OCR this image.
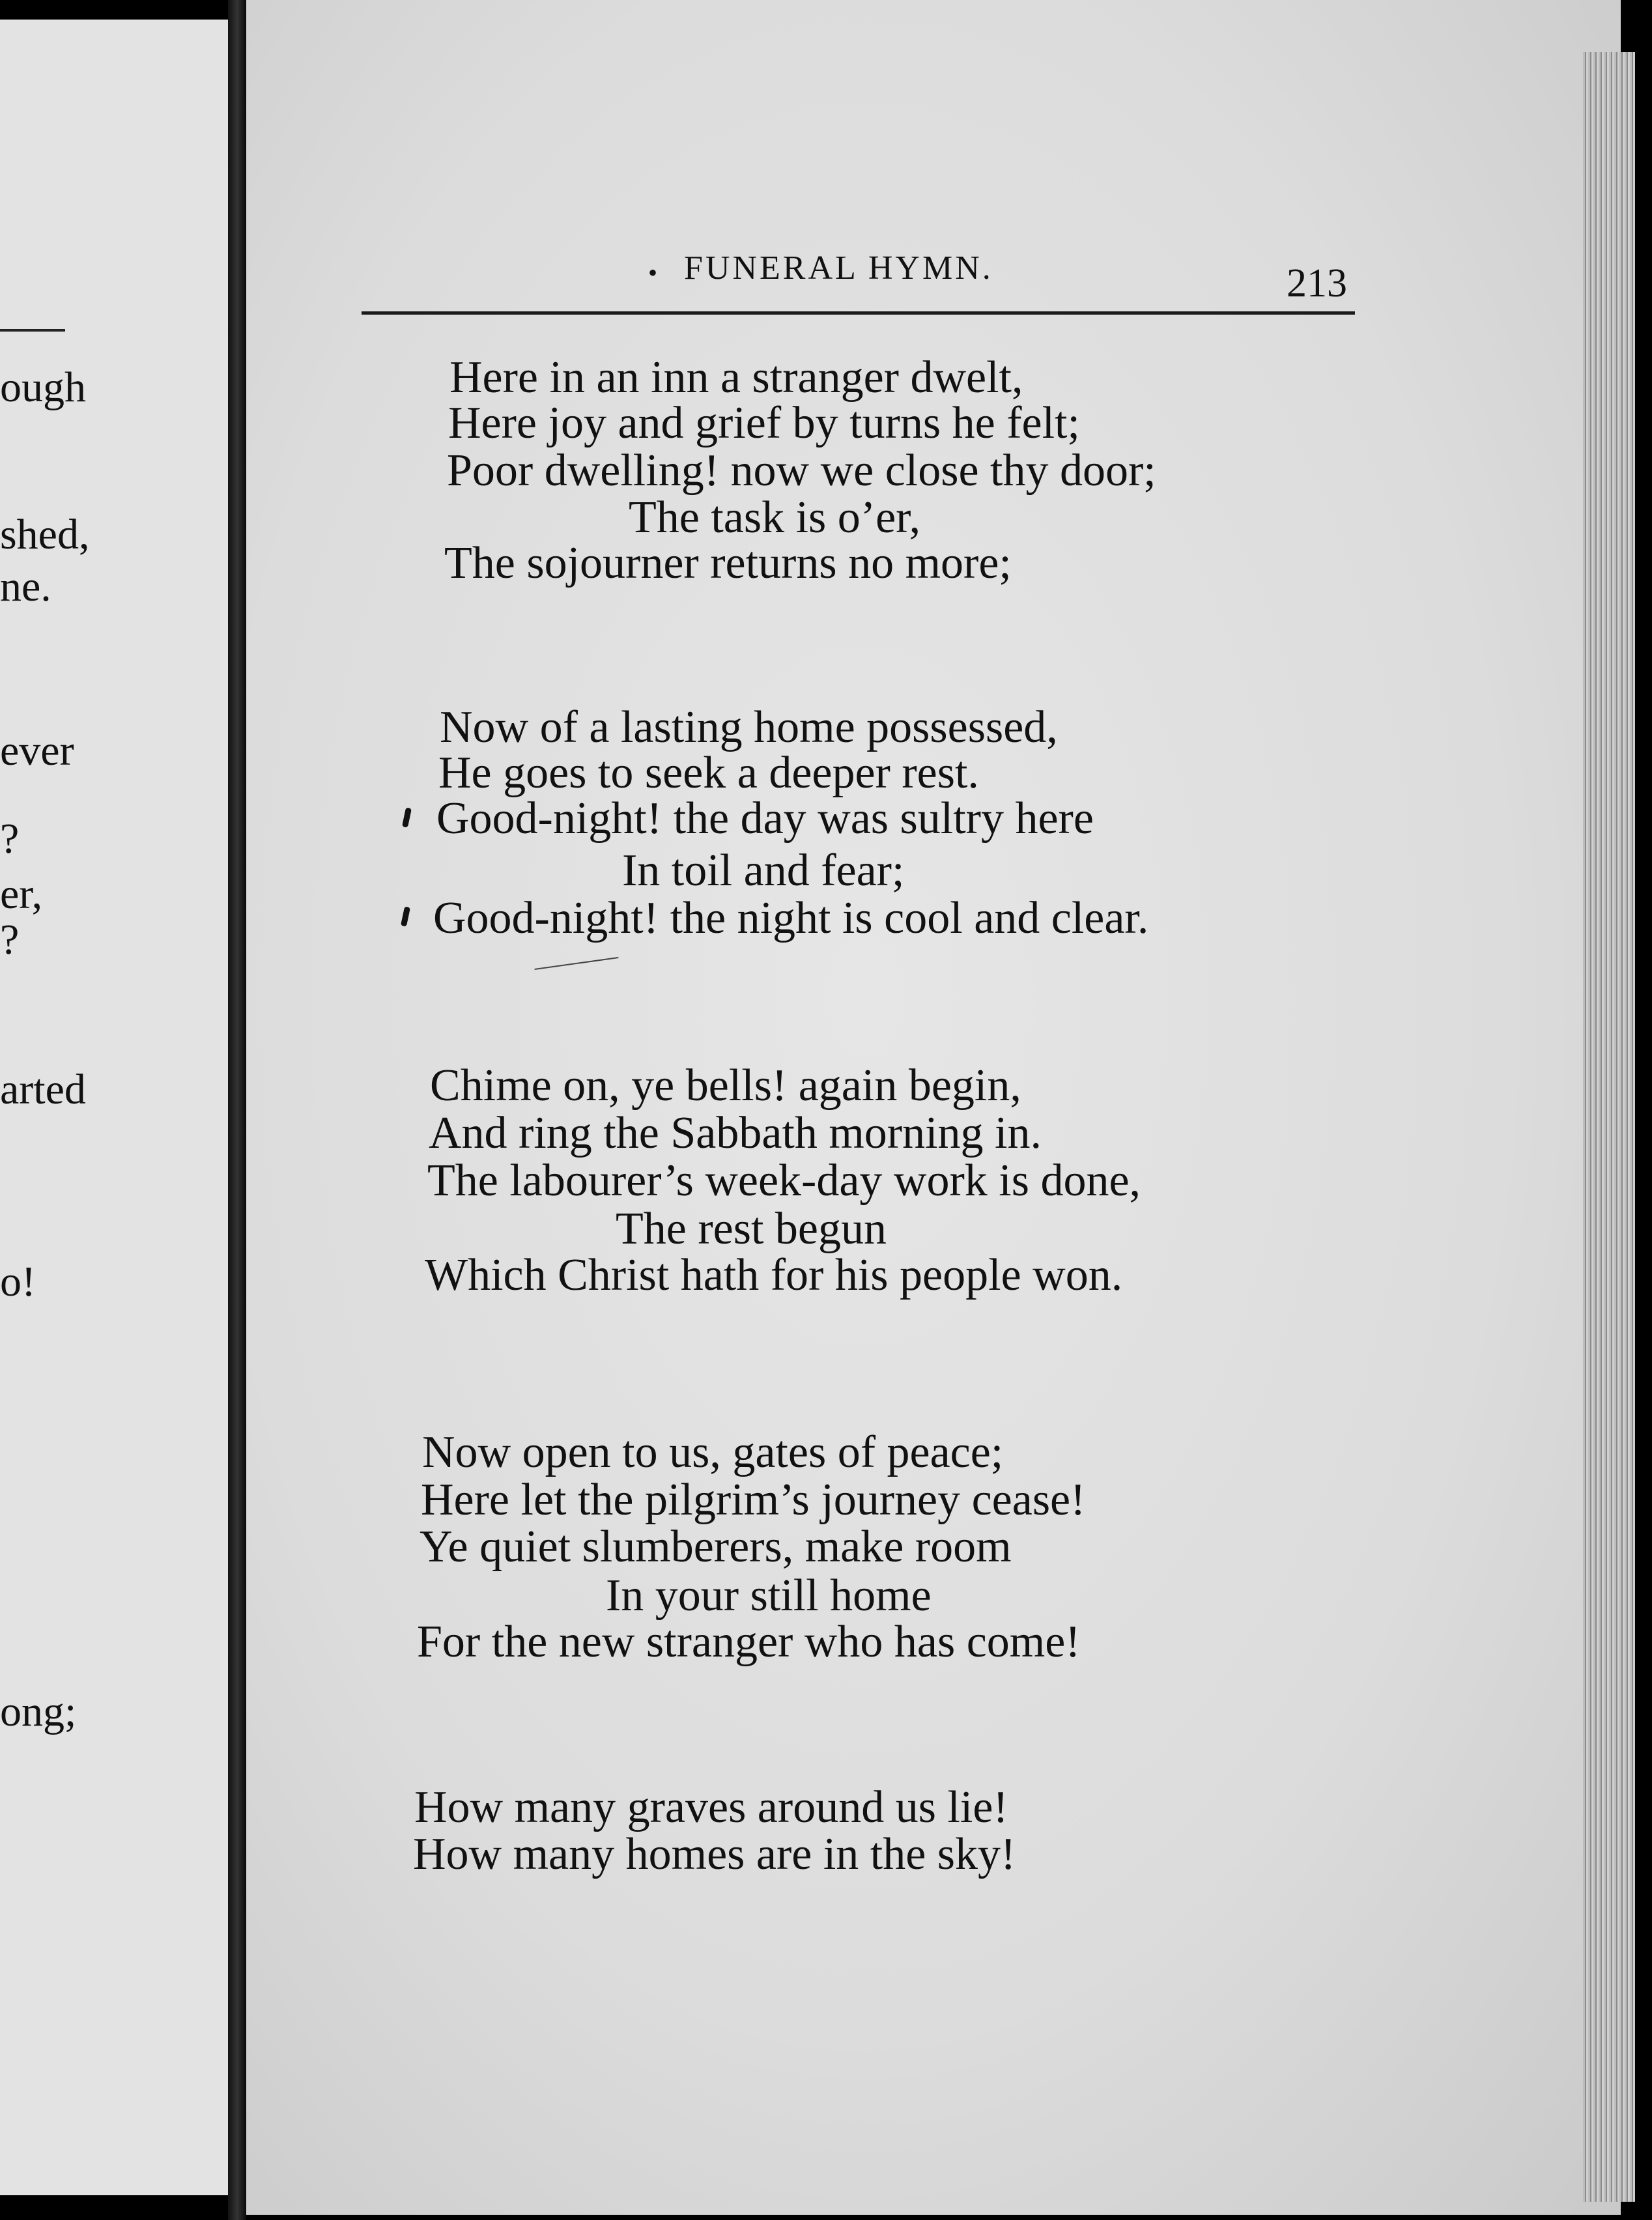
ough
shed,
ne.
ever
?
er,
?
arted
o!
ong;
• FUNERAL HYMN.	213
Here in an inn a stranger dwelt,
Here joy and grief by turns he felt;
Poor dwelling! now we close thy door;
The task is o’er,
The sojourner returns no more;
Now of a lasting home possessed,
He goes to seek a deeper rest.
Good-night! the day was sultry here
In toil and fear;
Good-night! the night is cool and clear.
Chime on, ye bells! again begin,
And ring the Sabbath morning in.
The labourer’s week-day work is done,
The rest begun
Which Christ hath for his people won.
Now open to us, gates of peace;
Here let the pilgrim’s journey cease!
Ye quiet slumberers, make room
In your still home
For the new stranger who has come!
How many graves around us lie!
How many homes are in the sky!
